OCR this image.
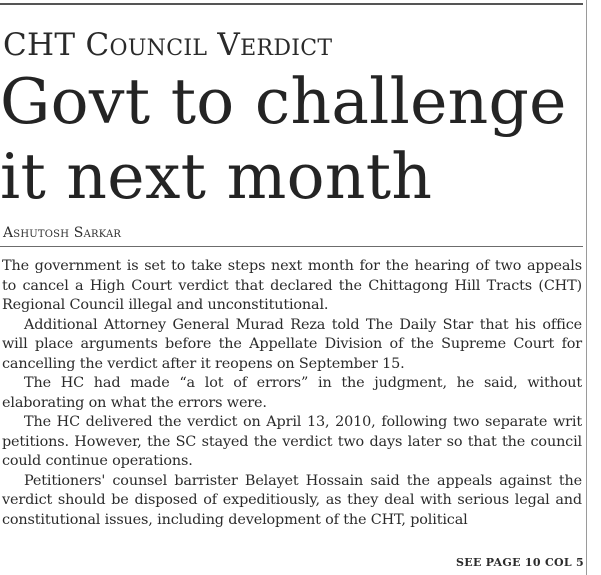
CHT Council Verdict
Govt to challenge
it next month
Ashutosh Sarkar

The government is set to take steps next month for the hearing of two appeals to cancel a High Court verdict that declared the Chittagong Hill Tracts (CHT) Regional Council illegal and unconstitutional.

Additional Attorney General Murad Reza told The Daily Star that his office will place arguments before the Appellate Division of the Supreme Court for cancelling the verdict after it reopens on September 15.

The HC had made “a lot of errors” in the judgment, he said, without elaborating on what the errors were.

The HC delivered the verdict on April 13, 2010, following two separate writ petitions. However, the SC stayed the verdict two days later so that the council could continue operations.

Petitioners' counsel barrister Belayet Hossain said the appeals against the verdict should be disposed of expeditiously, as they deal with serious legal and constitutional issues, including development of the CHT, political

SEE PAGE 10 COL 5
